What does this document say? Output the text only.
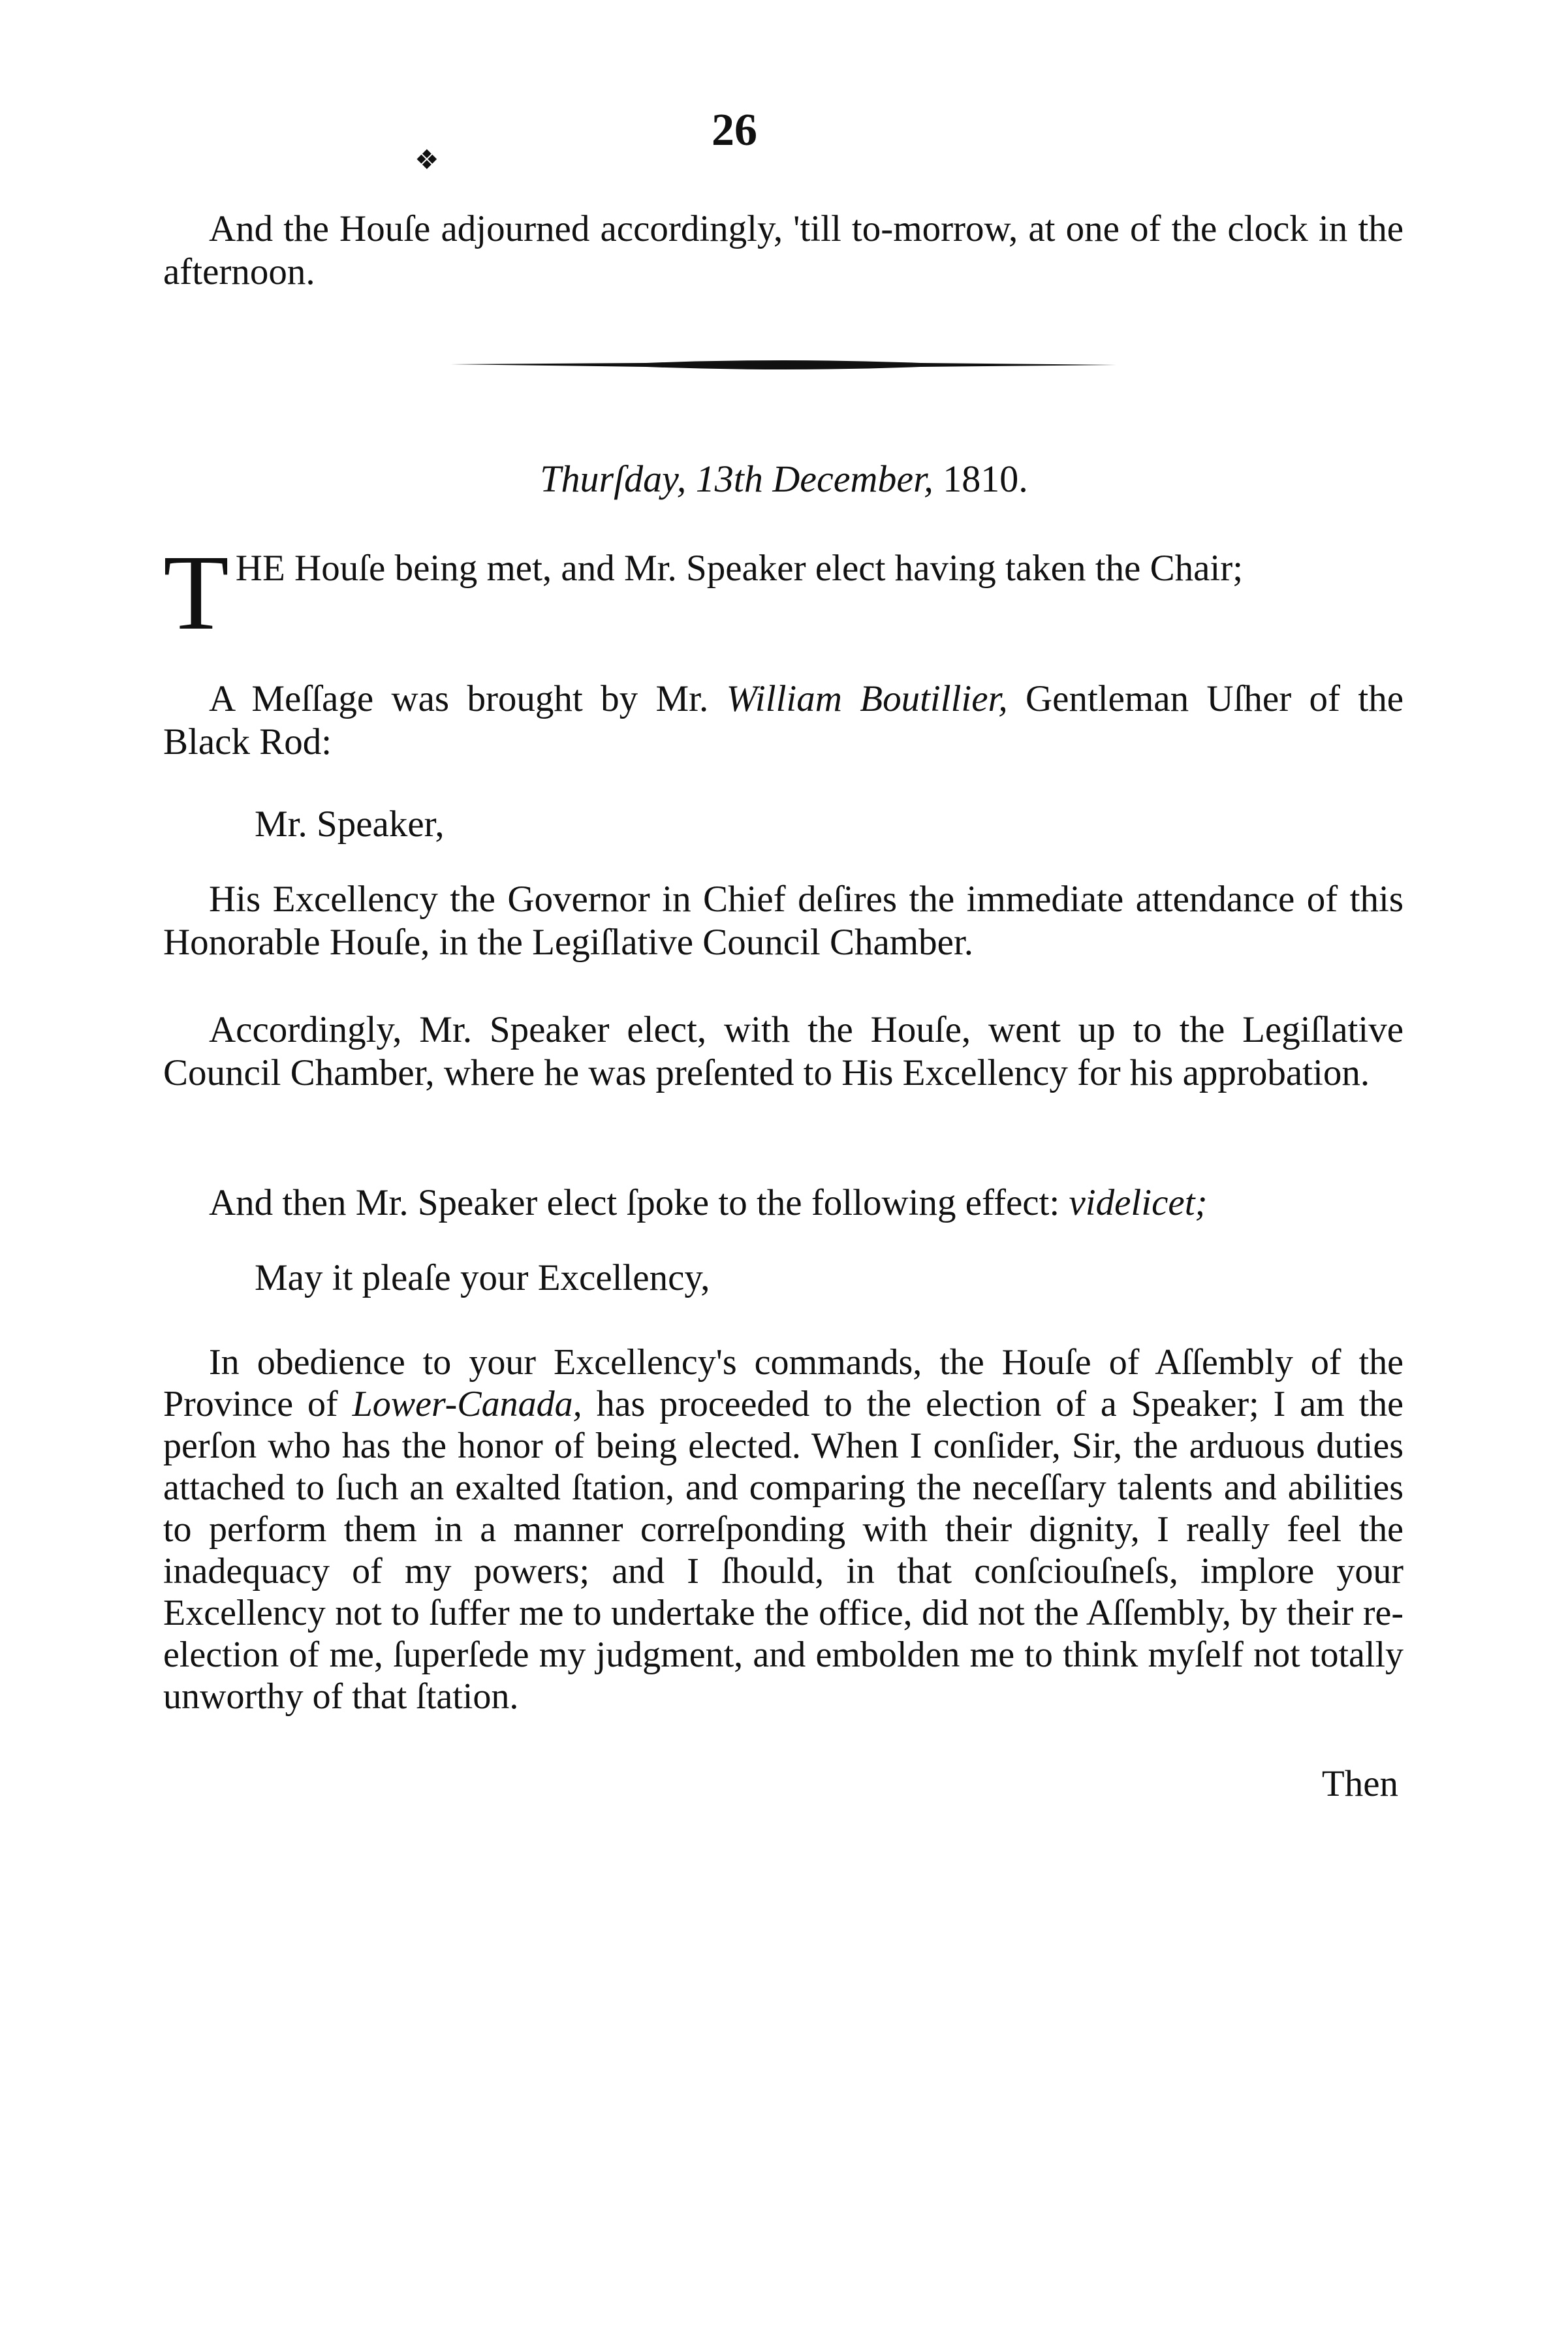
❖
26

And the Houſe adjourned accordingly, 'till to-morrow, at one of the clock in the afternoon.

Thurſday, 13th December, 1810.

THE Houſe being met, and Mr. Speaker elect having taken the Chair;

A Meſſage was brought by Mr. William Boutillier, Gentleman Uſher of the Black Rod:

Mr. Speaker,

His Excellency the Governor in Chief deſires the immediate attendance of this Honorable Houſe, in the Legiſlative Council Chamber.

Accordingly, Mr. Speaker elect, with the Houſe, went up to the Legiſlative Council Chamber, where he was preſented to His Excellency for his approbation.

And then Mr. Speaker elect ſpoke to the following effect: videlicet;

May it pleaſe your Excellency,

In obedience to your Excellency's commands, the Houſe of Aſſembly of the Province of Lower-Canada, has proceeded to the election of a Speaker; I am the perſon who has the honor of being elected. When I conſider, Sir, the arduous duties attached to ſuch an exalted ſtation, and comparing the neceſſary talents and abilities to perform them in a manner correſponding with their dignity, I really feel the inadequacy of my powers; and I ſhould, in that conſciouſneſs, implore your Excellency not to ſuffer me to undertake the office, did not the Aſſembly, by their re-election of me, ſuperſede my judgment, and embolden me to think myſelf not totally unworthy of that ſtation.

Then
